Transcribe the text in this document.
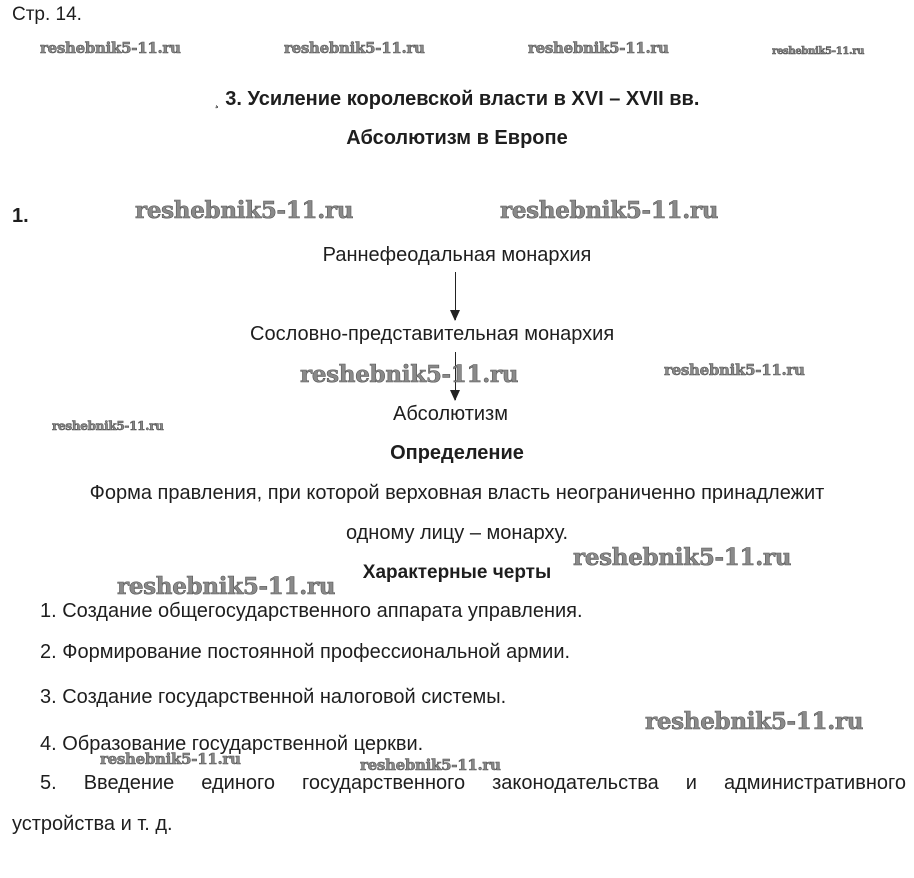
Стр. 14.
¸ 3. Усиление королевской власти в XVI – XVII вв.
Абсолютизм в Европе
1.
Раннефеодальная монархия
Сословно-представительная монархия
Абсолютизм
Определение
Форма правления, при которой верховная власть неограниченно принадлежит
одному лицу – монарху.
Характерные черты
1. Создание общегосударственного аппарата управления.
2. Формирование постоянной профессиональной армии.
3. Создание государственной налоговой системы.
4. Образование государственной церкви.
5. Введение единого государственного законодательства и административного
устройства и т. д.
reshebnik5-11.ru	reshebnik5-11.ru	reshebnik5-11.ru	reshebnik5-11.ru
reshebnik5-11.ru	reshebnik5-11.ru
reshebnik5-11.ru	reshebnik5-11.ru
reshebnik5-11.ru
reshebnik5-11.ru
reshebnik5-11.ru
reshebnik5-11.ru
reshebnik5-11.ru	reshebnik5-11.ru
